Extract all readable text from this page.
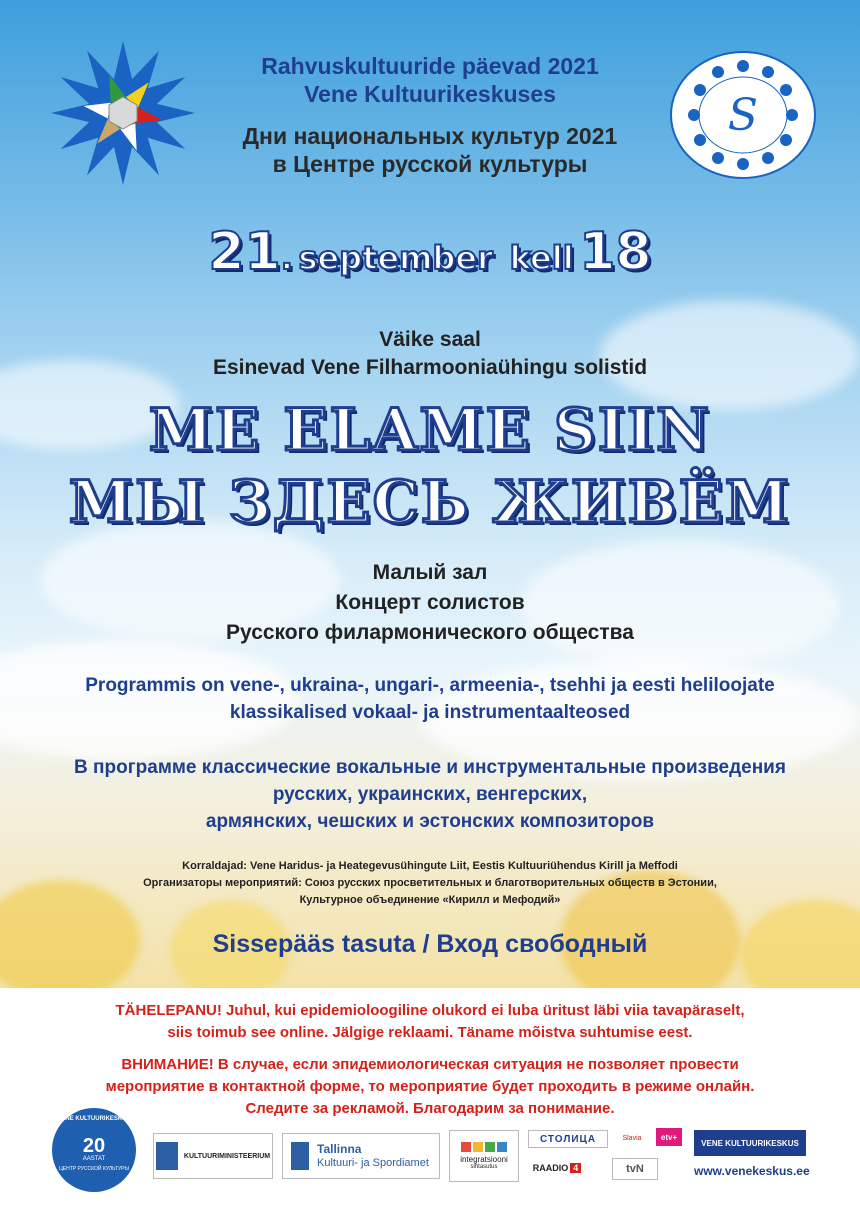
S
Rahvuskultuuride päevad 2021
Vene Kultuurikeskuses
Дни национальных культур 2021
в Центре русской культуры
21. september kell 18
Väike saal
Esinevad Vene Filharmooniaühingu solistid
ME ELAME SIIN
МЫ ЗДЕСЬ ЖИВЁМ
Малый зал
Концерт солистов
Русского филармонического общества
Programmis on vene-, ukraina-, ungari-, armeenia-, tsehhi ja eesti heliloojate
klassikalised vokaal- ja instrumentaalteosed
В программе классические вокальные и инструментальные произведения
русских, украинских, венгерских,
армянских, чешских и эстонских композиторов
Korraldajad: Vene Haridus- ja Heategevusühingute Liit, Eestis Kultuuriühendus Kirill ja Meffodi
Организаторы мероприятий: Союз русских просветительных и благотворительных обществ в Эстонии,
Культурное объединение «Кирилл и Мефодий»
Sissepääs tasuta / Вход свободный
TÄHELEPANU! Juhul, kui epidemioloogiline olukord ei luba üritust läbi viia tavapäraselt,
siis toimub see online. Jälgige reklaami. Täname mõistva suhtumise eest.
ВНИМАНИЕ! В случае, если эпидемиологическая ситуация не позволяет провести
мероприятие в контактной форме, то мероприятие будет проходить в режиме онлайн.
Следите за рекламой. Благодарим за понимание.
VENE KULTUURIKESKUS
20
AASTAT
ЦЕНТР РУССКОЙ КУЛЬТУРЫ
KULTUURIMINISTEERIUM	Tallinna
Kultuuri- ja Spordiamet	integratsiooni
sihtasutus
СТОЛИЦА
RAADIO 4
Slavia	etv+
tvN
VENE KULTUURIKESKUS
www.venekeskus.ee
